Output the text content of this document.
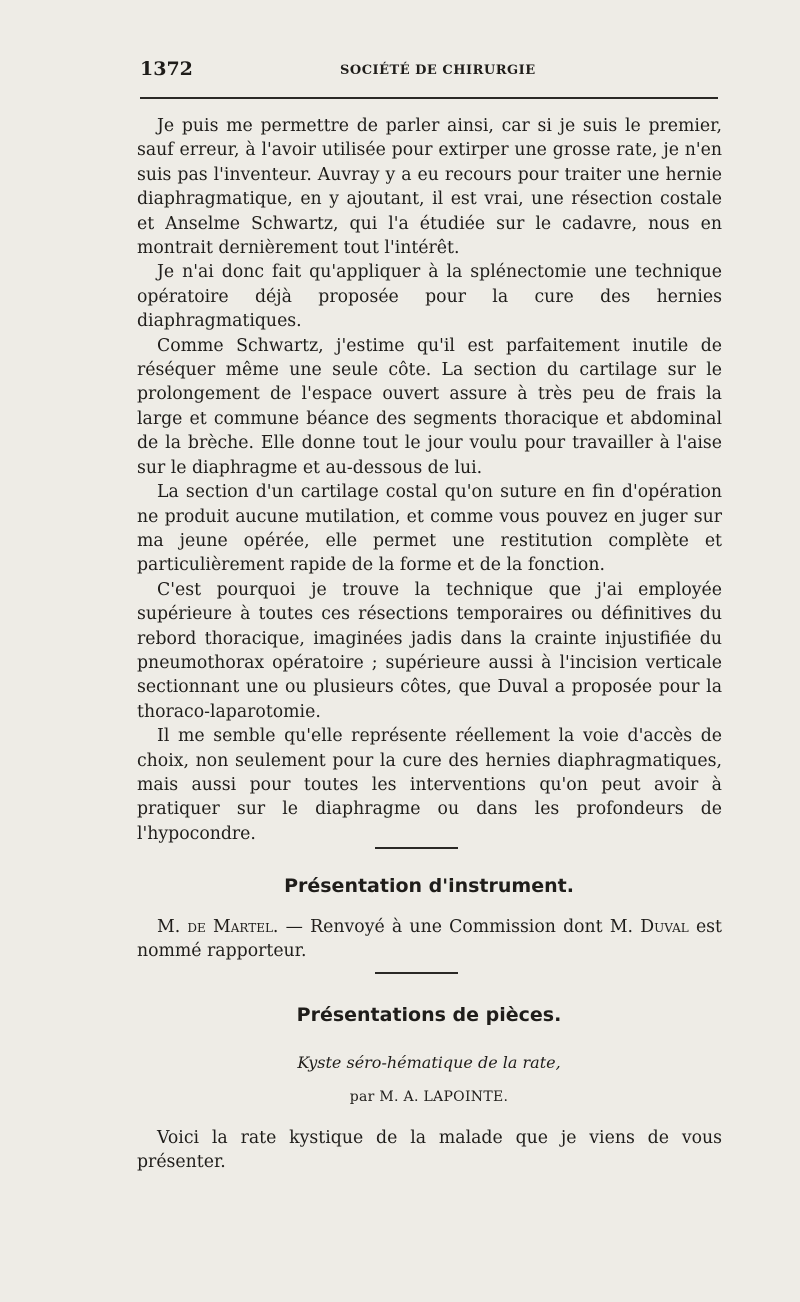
1372	SOCIÉTÉ DE CHIRURGIE

Je puis me permettre de parler ainsi, car si je suis le premier, sauf erreur, à l'avoir utilisée pour extirper une grosse rate, je n'en suis pas l'inventeur. Auvray y a eu recours pour traiter une hernie diaphragmatique, en y ajoutant, il est vrai, une résection costale et Anselme Schwartz, qui l'a étudiée sur le cadavre, nous en montrait dernièrement tout l'intérêt.

Je n'ai donc fait qu'appliquer à la splénectomie une technique opératoire déjà proposée pour la cure des hernies diaphragmatiques.

Comme Schwartz, j'estime qu'il est parfaitement inutile de réséquer même une seule côte. La section du cartilage sur le prolongement de l'espace ouvert assure à très peu de frais la large et commune béance des segments thoracique et abdominal de la brèche. Elle donne tout le jour voulu pour travailler à l'aise sur le diaphragme et au-dessous de lui.

La section d'un cartilage costal qu'on suture en fin d'opération ne produit aucune mutilation, et comme vous pouvez en juger sur ma jeune opérée, elle permet une restitution complète et particulièrement rapide de la forme et de la fonction.

C'est pourquoi je trouve la technique que j'ai employée supérieure à toutes ces résections temporaires ou définitives du rebord thoracique, imaginées jadis dans la crainte injustifiée du pneumothorax opératoire ; supérieure aussi à l'incision verticale sectionnant une ou plusieurs côtes, que Duval a proposée pour la thoraco-laparotomie.

Il me semble qu'elle représente réellement la voie d'accès de choix, non seulement pour la cure des hernies diaphragmatiques, mais aussi pour toutes les interventions qu'on peut avoir à pratiquer sur le diaphragme ou dans les profondeurs de l'hypocondre.

Présentation d'instrument.

M. de Martel. — Renvoyé à une Commission dont M. Duval est nommé rapporteur.

Présentations de pièces.
Kyste séro-hématique de la rate,
par M. A. LAPOINTE.

Voici la rate kystique de la malade que je viens de vous présenter.
